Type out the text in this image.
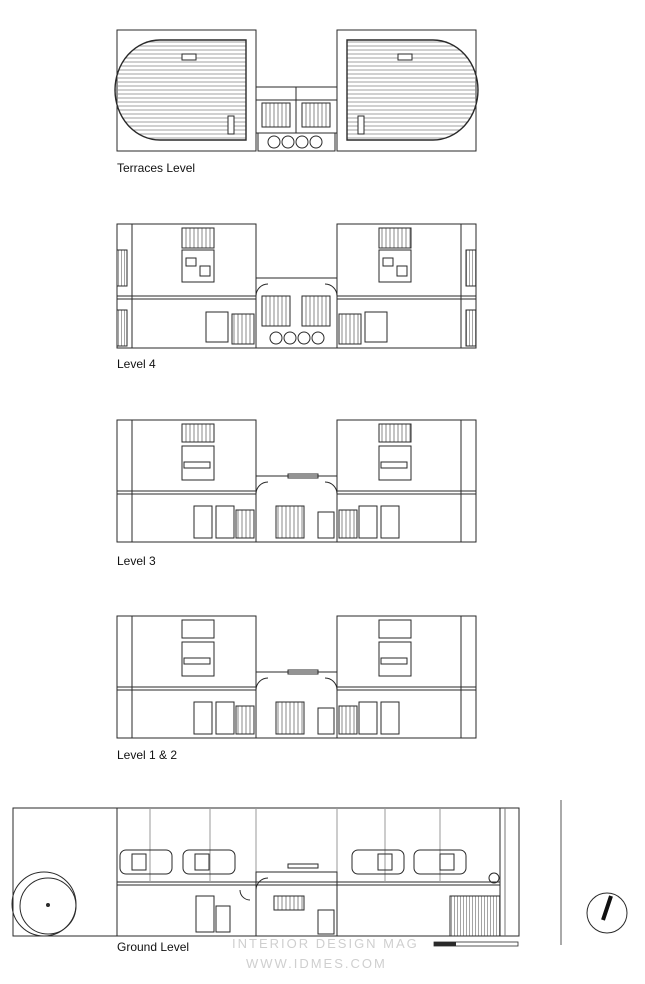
Terraces Level
Level 4
Level 3
Level 1 & 2
Ground Level	INTERIOR DESIGN MAG
WWW.IDMES.COM
